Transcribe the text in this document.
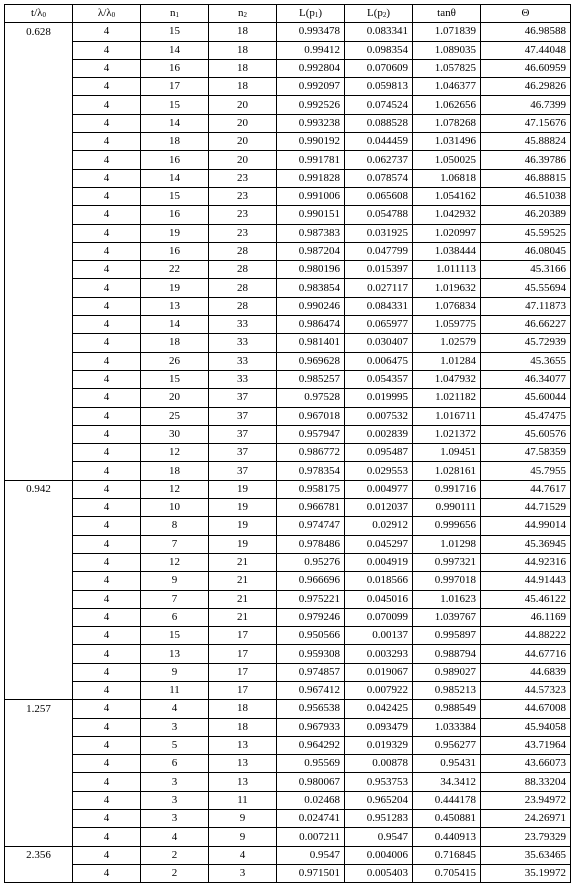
$t/\lambda_0$	$\lambda/\lambda_0$	$n_1$	$n_2$	$L(p_1)$	$L(p_2)$	tanθ	Θ
0.628	4	15	18	0.993478	0.083341	1.071839	46.98588
	4	14	18	0.99412	0.098354	1.089035	47.44048
	4	16	18	0.992804	0.070609	1.057825	46.60959
	4	17	18	0.992097	0.059813	1.046377	46.29826
	4	15	20	0.992526	0.074524	1.062656	46.7399
	4	14	20	0.993238	0.088528	1.078268	47.15676
	4	18	20	0.990192	0.044459	1.031496	45.88824
	4	16	20	0.991781	0.062737	1.050025	46.39786
	4	14	23	0.991828	0.078574	1.06818	46.88815
	4	15	23	0.991006	0.065608	1.054162	46.51038
	4	16	23	0.990151	0.054788	1.042932	46.20389
	4	19	23	0.987383	0.031925	1.020997	45.59525
	4	16	28	0.987204	0.047799	1.038444	46.08045
	4	22	28	0.980196	0.015397	1.011113	45.3166
	4	19	28	0.983854	0.027117	1.019632	45.55694
	4	13	28	0.990246	0.084331	1.076834	47.11873
	4	14	33	0.986474	0.065977	1.059775	46.66227
	4	18	33	0.981401	0.030407	1.02579	45.72939
	4	26	33	0.969628	0.006475	1.01284	45.3655
	4	15	33	0.985257	0.054357	1.047932	46.34077
	4	20	37	0.97528	0.019995	1.021182	45.60044
	4	25	37	0.967018	0.007532	1.016711	45.47475
	4	30	37	0.957947	0.002839	1.021372	45.60576
	4	12	37	0.986772	0.095487	1.09451	47.58359
	4	18	37	0.978354	0.029553	1.028161	45.7955
0.942	4	12	19	0.958175	0.004977	0.991716	44.7617
	4	10	19	0.966781	0.012037	0.990111	44.71529
	4	8	19	0.974747	0.02912	0.999656	44.99014
	4	7	19	0.978486	0.045297	1.01298	45.36945
	4	12	21	0.95276	0.004919	0.997321	44.92316
	4	9	21	0.966696	0.018566	0.997018	44.91443
	4	7	21	0.975221	0.045016	1.01623	45.46122
	4	6	21	0.979246	0.070099	1.039767	46.1169
	4	15	17	0.950566	0.00137	0.995897	44.88222
	4	13	17	0.959308	0.003293	0.988794	44.67716
	4	9	17	0.974857	0.019067	0.989027	44.6839
	4	11	17	0.967412	0.007922	0.985213	44.57323
1.257	4	4	18	0.956538	0.042425	0.988549	44.67008
	4	3	18	0.967933	0.093479	1.033384	45.94058
	4	5	13	0.964292	0.019329	0.956277	43.71964
	4	6	13	0.95569	0.00878	0.95431	43.66073
	4	3	13	0.980067	0.953753	34.3412	88.33204
	4	3	11	0.02468	0.965204	0.444178	23.94972
	4	3	9	0.024741	0.951283	0.450881	24.26971
	4	4	9	0.007211	0.9547	0.440913	23.79329
2.356	4	2	4	0.9547	0.004006	0.716845	35.63465
	4	2	3	0.971501	0.005403	0.705415	35.19972
